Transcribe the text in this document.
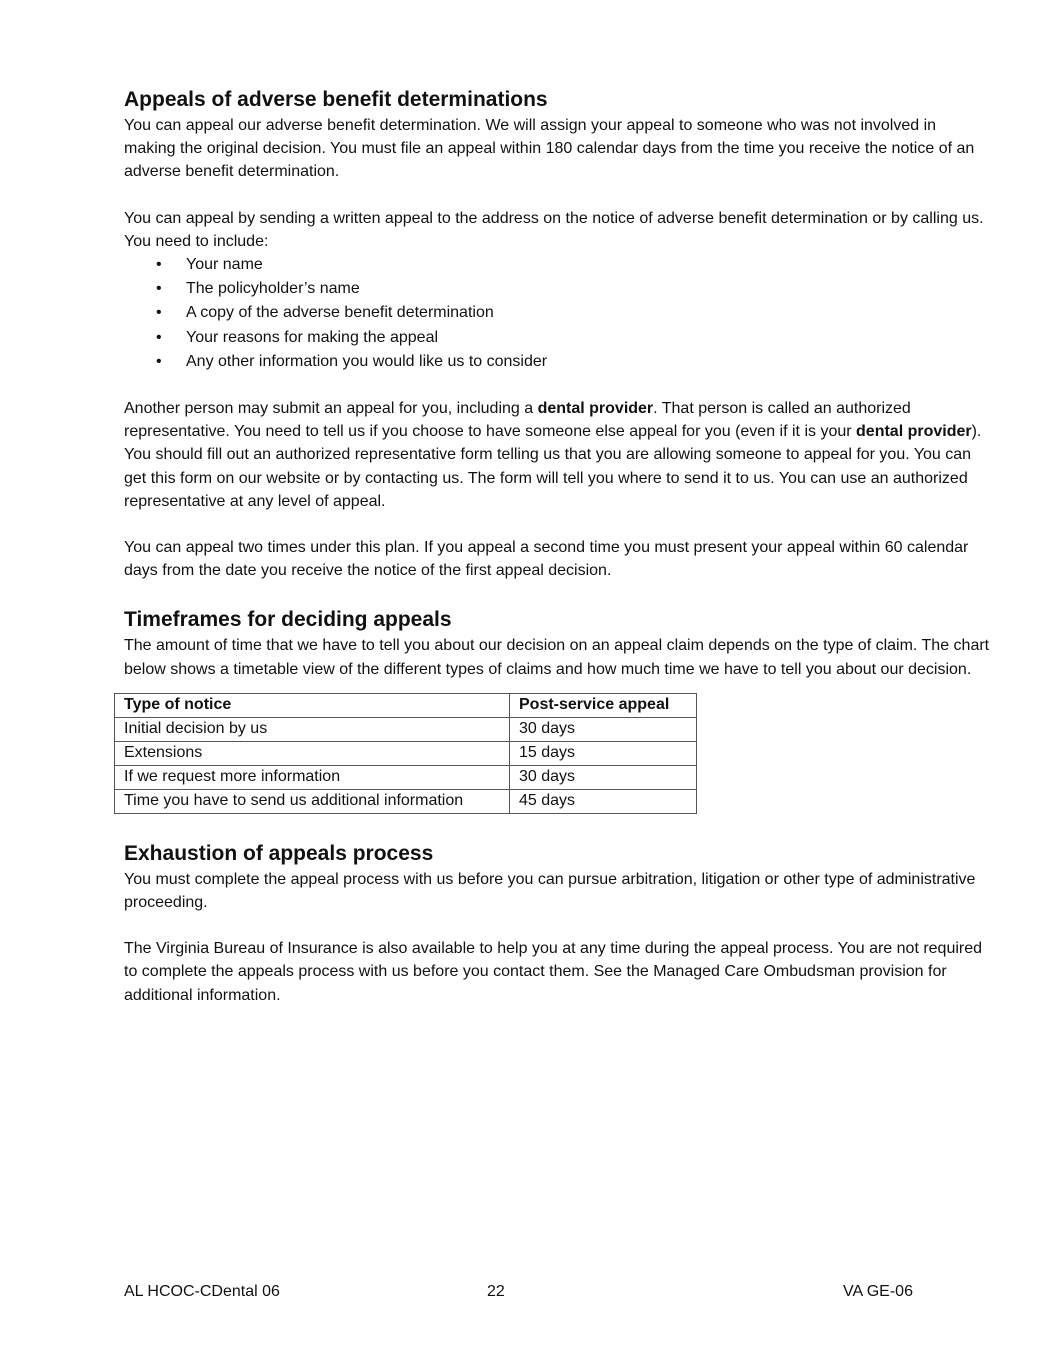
Appeals of adverse benefit determinations

You can appeal our adverse benefit determination. We will assign your appeal to someone who was not involved in making the original decision. You must file an appeal within 180 calendar days from the time you receive the notice of an adverse benefit determination.

You can appeal by sending a written appeal to the address on the notice of adverse benefit determination or by calling us. You need to include:

• Your name
• The policyholder’s name
• A copy of the adverse benefit determination
• Your reasons for making the appeal
• Any other information you would like us to consider

Another person may submit an appeal for you, including a dental provider. That person is called an authorized representative. You need to tell us if you choose to have someone else appeal for you (even if it is your dental provider). You should fill out an authorized representative form telling us that you are allowing someone to appeal for you. You can get this form on our website or by contacting us. The form will tell you where to send it to us. You can use an authorized representative at any level of appeal.

You can appeal two times under this plan. If you appeal a second time you must present your appeal within 60 calendar days from the date you receive the notice of the first appeal decision.

Timeframes for deciding appeals

The amount of time that we have to tell you about our decision on an appeal claim depends on the type of claim. The chart below shows a timetable view of the different types of claims and how much time we have to tell you about our decision.

Type of notice	Post-service appeal
Initial decision by us	30 days
Extensions	15 days
If we request more information	30 days
Time you have to send us additional information	45 days
Exhaustion of appeals process

You must complete the appeal process with us before you can pursue arbitration, litigation or other type of administrative proceeding.

The Virginia Bureau of Insurance is also available to help you at any time during the appeal process. You are not required to complete the appeals process with us before you contact them. See the Managed Care Ombudsman provision for additional information.

AL HCOC-CDental 06	22	VA GE-06
